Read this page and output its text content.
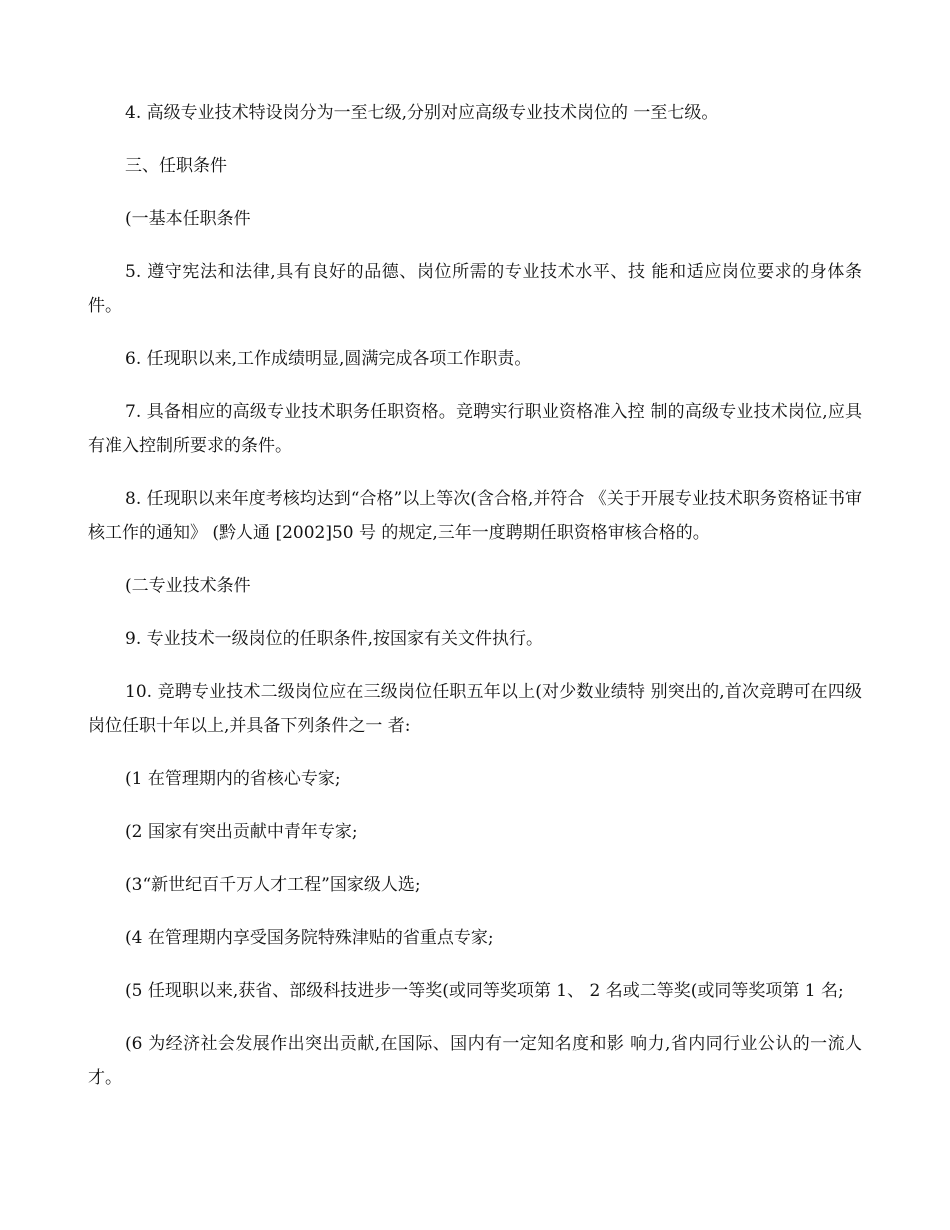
4. 高级专业技术特设岗分为一至七级,分别对应高级专业技术岗位的 一至七级。

三、任职条件

(一基本任职条件

5. 遵守宪法和法律,具有良好的品德、岗位所需的专业技术水平、技 能和适应岗位要求的身体条件。

6. 任现职以来,工作成绩明显,圆满完成各项工作职责。

7. 具备相应的高级专业技术职务任职资格。竞聘实行职业资格准入控 制的高级专业技术岗位,应具有准入控制所要求的条件。

8. 任现职以来年度考核均达到“合格”以上等次(含合格,并符合 《关于开展专业技术职务资格证书审核工作的通知》 (黔人通 [2002]50 号 的规定,三年一度聘期任职资格审核合格的。

(二专业技术条件

9. 专业技术一级岗位的任职条件,按国家有关文件执行。

10. 竞聘专业技术二级岗位应在三级岗位任职五年以上(对少数业绩特 别突出的,首次竞聘可在四级岗位任职十年以上,并具备下列条件之一 者:

(1 在管理期内的省核心专家;

(2 国家有突出贡献中青年专家;

(3“新世纪百千万人才工程”国家级人选;

(4 在管理期内享受国务院特殊津贴的省重点专家;

(5 任现职以来,获省、部级科技进步一等奖(或同等奖项第 1、 2 名或二等奖(或同等奖项第 1 名;

(6 为经济社会发展作出突出贡献,在国际、国内有一定知名度和影 响力,省内同行业公认的一流人才。
